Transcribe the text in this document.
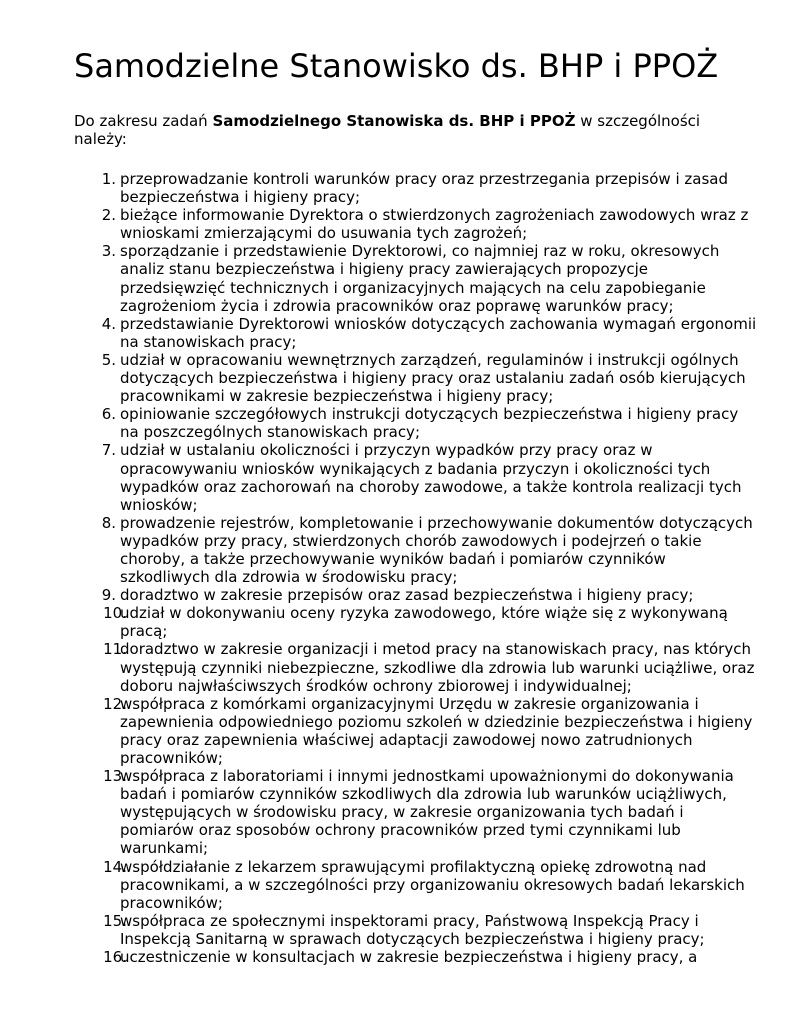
Samodzielne Stanowisko ds. BHP i PPOŻ

Do zakresu zadań Samodzielnego Stanowiska ds. BHP i PPOŻ w szczególności należy:

1. przeprowadzanie kontroli warunków pracy oraz przestrzegania przepisów i zasad bezpieczeństwa i higieny pracy;
2. bieżące informowanie Dyrektora o stwierdzonych zagrożeniach zawodowych wraz z wnioskami zmierzającymi do usuwania tych zagrożeń;
3. sporządzanie i przedstawienie Dyrektorowi, co najmniej raz w roku, okresowych analiz stanu bezpieczeństwa i higieny pracy zawierających propozycje przedsięwzięć technicznych i organizacyjnych mających na celu zapobieganie zagrożeniom życia i zdrowia pracowników oraz poprawę warunków pracy;
4. przedstawianie Dyrektorowi wniosków dotyczących zachowania wymagań ergonomii na stanowiskach pracy;
5. udział w opracowaniu wewnętrznych zarządzeń, regulaminów i instrukcji ogólnych dotyczących bezpieczeństwa i higieny pracy oraz ustalaniu zadań osób kierujących pracownikami w zakresie bezpieczeństwa i higieny pracy;
6. opiniowanie szczegółowych instrukcji dotyczących bezpieczeństwa i higieny pracy na poszczególnych stanowiskach pracy;
7. udział w ustalaniu okoliczności i przyczyn wypadków przy pracy oraz w opracowywaniu wniosków wynikających z badania przyczyn i okoliczności tych wypadków oraz zachorowań na choroby zawodowe, a także kontrola realizacji tych wniosków;
8. prowadzenie rejestrów, kompletowanie i przechowywanie dokumentów dotyczących wypadków przy pracy, stwierdzonych chorób zawodowych i podejrzeń o takie choroby, a także przechowywanie wyników badań i pomiarów czynników szkodliwych dla zdrowia w środowisku pracy;
9. doradztwo w zakresie przepisów oraz zasad bezpieczeństwa i higieny pracy;
10.
udział w dokonywaniu oceny ryzyka zawodowego, które wiąże się z wykonywaną pracą;
11.
doradztwo w zakresie organizacji i metod pracy na stanowiskach pracy, nas których występują czynniki niebezpieczne, szkodliwe dla zdrowia lub warunki uciążliwe, oraz doboru najwłaściwszych środków ochrony zbiorowej i indywidualnej;
12.
współpraca z komórkami organizacyjnymi Urzędu w zakresie organizowania i zapewnienia odpowiedniego poziomu szkoleń w dziedzinie bezpieczeństwa i higieny pracy oraz zapewnienia właściwej adaptacji zawodowej nowo zatrudnionych pracowników;
13.
współpraca z laboratoriami i innymi jednostkami upoważnionymi do dokonywania badań i pomiarów czynników szkodliwych dla zdrowia lub warunków uciążliwych, występujących w środowisku pracy, w zakresie organizowania tych badań i pomiarów oraz sposobów ochrony pracowników przed tymi czynnikami lub warunkami;
14.
współdziałanie z lekarzem sprawującymi profilaktyczną opiekę zdrowotną nad pracownikami, a w szczególności przy organizowaniu okresowych badań lekarskich pracowników;
15.
współpraca ze społecznymi inspektorami pracy, Państwową Inspekcją Pracy i Inspekcją Sanitarną w sprawach dotyczących bezpieczeństwa i higieny pracy;
16.
uczestniczenie w konsultacjach w zakresie bezpieczeństwa i higieny pracy, a
